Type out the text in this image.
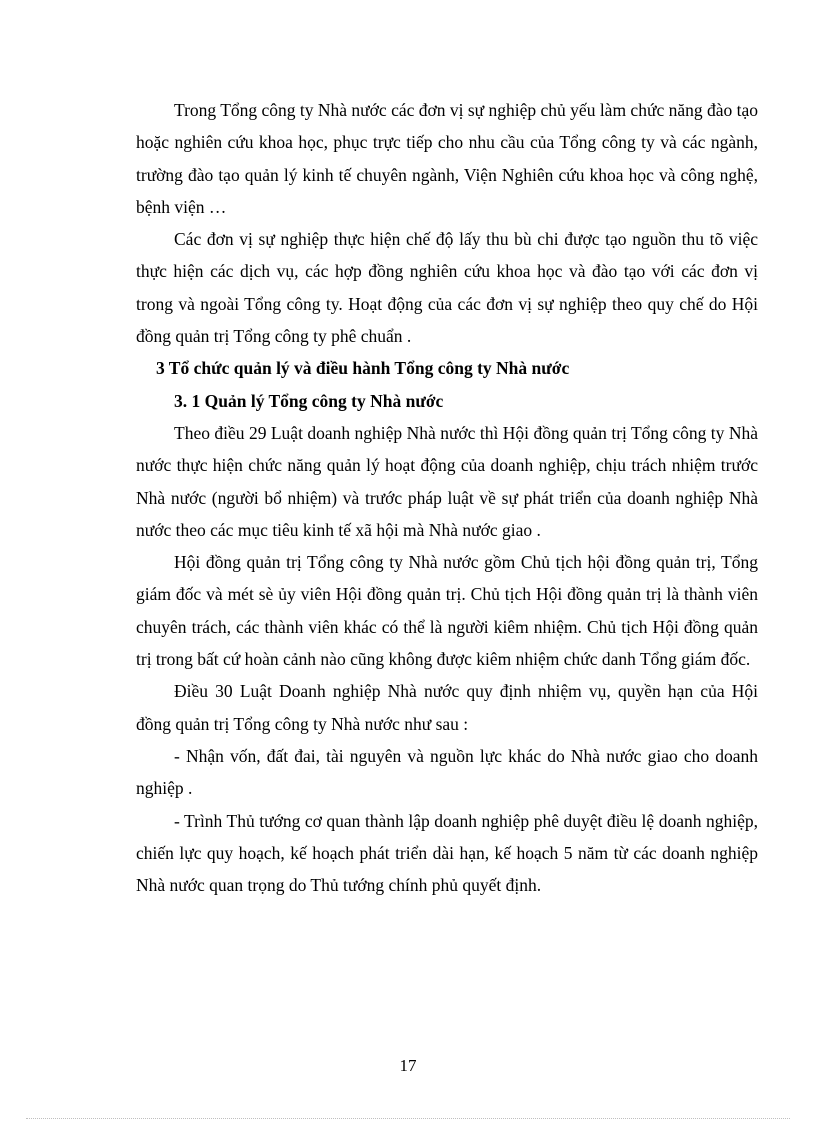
Trong Tổng công ty Nhà nước các đơn vị sự nghiệp chủ yếu làm chức năng đào tạo hoặc nghiên cứu khoa học, phục trực tiếp cho nhu cầu của Tổng công ty và các ngành, trường đào tạo quản lý kinh tế chuyên ngành, Viện Nghiên cứu khoa học và công nghệ, bệnh viện …

Các đơn vị sự nghiệp thực hiện chế độ lấy thu bù chi được tạo nguồn thu tõ việc thực hiện các dịch vụ, các hợp đồng nghiên cứu khoa học và đào tạo với các đơn vị trong và ngoài Tổng công ty. Hoạt động của các đơn vị sự nghiệp theo quy chế do Hội đồng quản trị Tổng công ty phê chuẩn .

3 Tổ chức quản lý và điều hành Tổng công ty Nhà nước

3. 1 Quản lý Tổng công ty Nhà nước

Theo điều 29 Luật doanh nghiệp Nhà nước thì Hội đồng quản trị Tổng công ty Nhà nước thực hiện chức năng quản lý hoạt động của doanh nghiệp, chịu trách nhiệm trước Nhà nước (người bổ nhiệm) và trước pháp luật về sự phát triển của doanh nghiệp Nhà nước theo các mục tiêu kinh tế xã hội mà Nhà nước giao .

Hội đồng quản trị Tổng công ty Nhà nước gồm Chủ tịch hội đồng quản trị, Tổng giám đốc và mét sè ủy viên Hội đồng quản trị. Chủ tịch Hội đồng quản trị là thành viên chuyên trách, các thành viên khác có thể là người kiêm nhiệm. Chủ tịch Hội đồng quản trị trong bất cứ hoàn cảnh nào cũng không được kiêm nhiệm chức danh Tổng giám đốc.

Điều 30 Luật Doanh nghiệp Nhà nước quy định nhiệm vụ, quyền hạn của Hội đồng quản trị Tổng công ty Nhà nước như sau :

- Nhận vốn, đất đai, tài nguyên và nguồn lực khác do Nhà nước giao cho doanh nghiệp .

- Trình Thủ tướng cơ quan thành lập doanh nghiệp phê duyệt điều lệ doanh nghiệp, chiến lực quy hoạch, kế hoạch phát triển dài hạn, kế hoạch 5 năm từ các doanh nghiệp Nhà nước quan trọng do Thủ tướng chính phủ quyết định.

17
